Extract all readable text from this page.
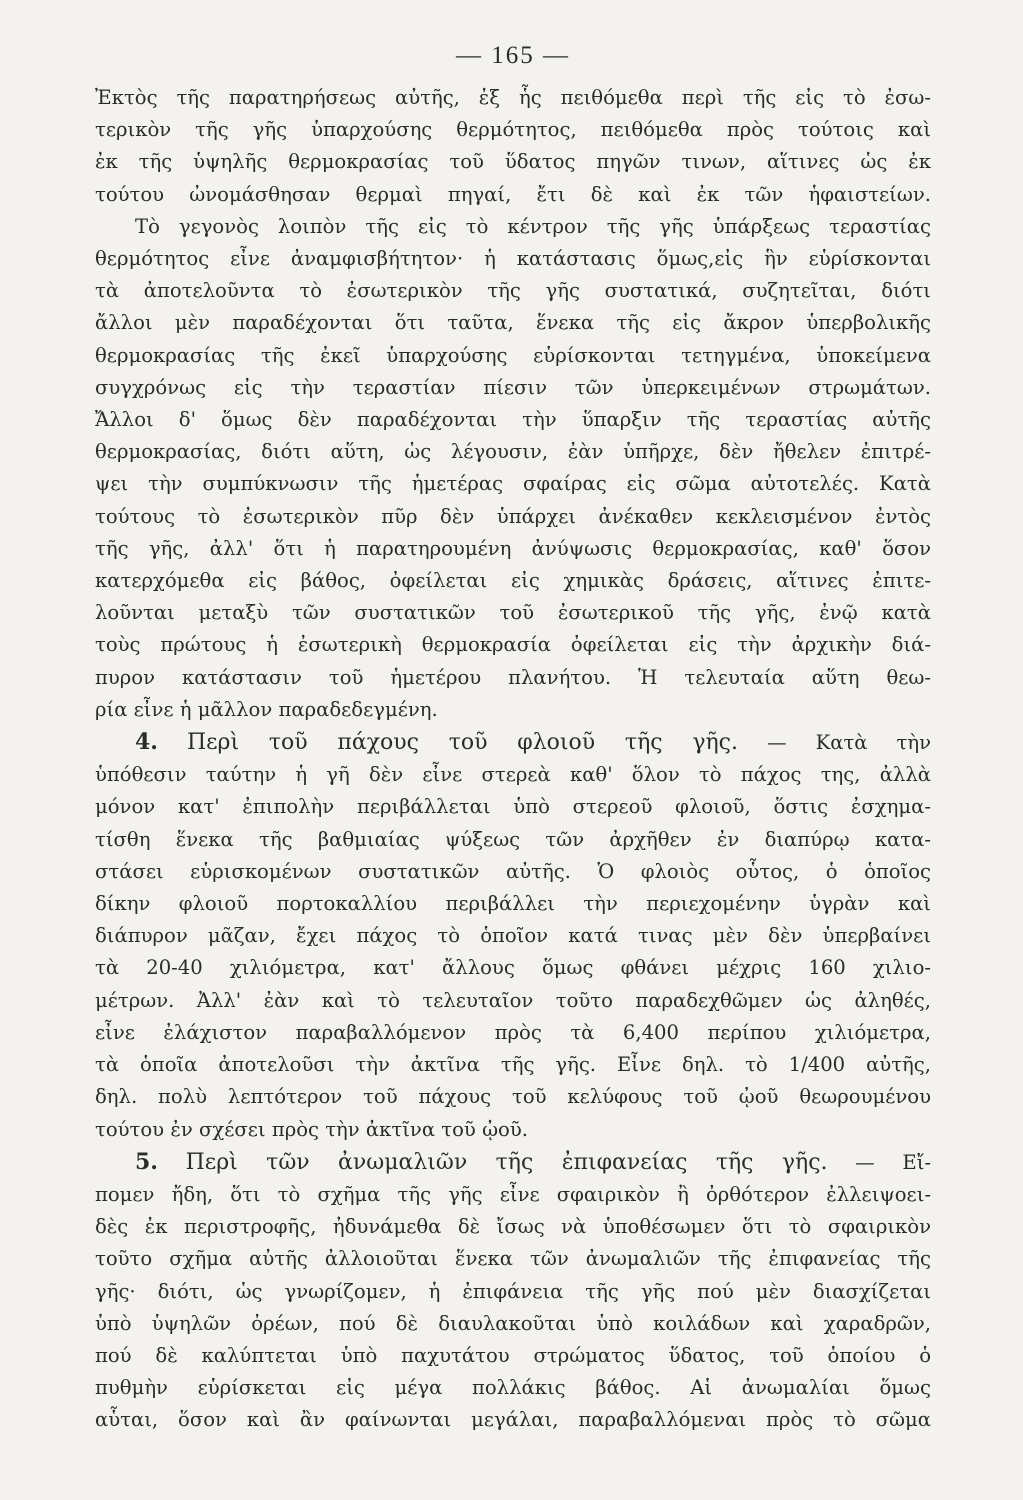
— 165 —
Ἐκτὸς τῆς παρατηρήσεως αὐτῆς, ἐξ ἧς πειθόμεθα περὶ τῆς εἰς τὸ ἐσω-
τερικὸν τῆς γῆς ὑπαρχούσης θερμότητος, πειθόμεθα πρὸς τούτοις καὶ
ἐκ τῆς ὑψηλῆς θερμοκρασίας τοῦ ὕδατος πηγῶν τινων, αἵτινες ὡς ἐκ
τούτου ὠνομάσθησαν θερμαὶ πηγαί, ἔτι δὲ καὶ ἐκ τῶν ἡφαιστείων.
Τὸ γεγονὸς λοιπὸν τῆς εἰς τὸ κέντρον τῆς γῆς ὑπάρξεως τεραστίας
θερμότητος εἶνε ἀναμφισβήτητον· ἡ κατάστασις ὅμως,εἰς ἣν εὑρίσκονται
τὰ ἀποτελοῦντα τὸ ἐσωτερικὸν τῆς γῆς συστατικά, συζητεῖται, διότι
ἄλλοι μὲν παραδέχονται ὅτι ταῦτα, ἕνεκα τῆς εἰς ἄκρον ὑπερβολικῆς
θερμοκρασίας τῆς ἐκεῖ ὑπαρχούσης εὑρίσκονται τετηγμένα, ὑποκείμενα
συγχρόνως εἰς τὴν τεραστίαν πίεσιν τῶν ὑπερκειμένων στρωμάτων.
Ἄλλοι δ' ὅμως δὲν παραδέχονται τὴν ὕπαρξιν τῆς τεραστίας αὐτῆς
θερμοκρασίας, διότι αὕτη, ὡς λέγουσιν, ἐὰν ὑπῆρχε, δὲν ἤθελεν ἐπιτρέ-
ψει τὴν συμπύκνωσιν τῆς ἡμετέρας σφαίρας εἰς σῶμα αὐτοτελές. Κατὰ
τούτους τὸ ἐσωτερικὸν πῦρ δὲν ὑπάρχει ἀνέκαθεν κεκλεισμένον ἐντὸς
τῆς γῆς, ἀλλ' ὅτι ἡ παρατηρουμένη ἀνύψωσις θερμοκρασίας, καθ' ὅσον
κατερχόμεθα εἰς βάθος, ὀφείλεται εἰς χημικὰς δράσεις, αἵτινες ἐπιτε-
λοῦνται μεταξὺ τῶν συστατικῶν τοῦ ἐσωτερικοῦ τῆς γῆς, ἐνῷ κατὰ
τοὺς πρώτους ἡ ἐσωτερικὴ θερμοκρασία ὀφείλεται εἰς τὴν ἀρχικὴν διά-
πυρον κατάστασιν τοῦ ἡμετέρου πλανήτου. Ἡ τελευταία αὕτη θεω-
ρία εἶνε ἡ μᾶλλον παραδεδεγμένη.
4. Περὶ τοῦ πάχους τοῦ φλοιοῦ τῆς γῆς. — Κατὰ τὴν
ὑπόθεσιν ταύτην ἡ γῆ δὲν εἶνε στερεὰ καθ' ὅλον τὸ πάχος της, ἀλλὰ
μόνον κατ' ἐπιπολὴν περιβάλλεται ὑπὸ στερεοῦ φλοιοῦ, ὅστις ἐσχημα-
τίσθη ἕνεκα τῆς βαθμιαίας ψύξεως τῶν ἀρχῆθεν ἐν διαπύρῳ κατα-
στάσει εὑρισκομένων συστατικῶν αὐτῆς. Ὁ φλοιὸς οὗτος, ὁ ὁποῖος
δίκην φλοιοῦ πορτοκαλλίου περιβάλλει τὴν περιεχομένην ὑγρὰν καὶ
διάπυρον μᾶζαν, ἔχει πάχος τὸ ὁποῖον κατά τινας μὲν δὲν ὑπερβαίνει
τὰ 20-40 χιλιόμετρα, κατ' ἄλλους ὅμως φθάνει μέχρις 160 χιλιο-
μέτρων. Ἀλλ' ἐὰν καὶ τὸ τελευταῖον τοῦτο παραδεχθῶμεν ὡς ἀληθές,
εἶνε ἐλάχιστον παραβαλλόμενον πρὸς τὰ 6,400 περίπου χιλιόμετρα,
τὰ ὁποῖα ἀποτελοῦσι τὴν ἀκτῖνα τῆς γῆς. Εἶνε δηλ. τὸ 1/400 αὐτῆς,
δηλ. πολὺ λεπτότερον τοῦ πάχους τοῦ κελύφους τοῦ ᾠοῦ θεωρουμένου
τούτου ἐν σχέσει πρὸς τὴν ἀκτῖνα τοῦ ᾠοῦ.
5. Περὶ τῶν ἀνωμαλιῶν τῆς ἐπιφανείας τῆς γῆς. — Εἴ-
πομεν ἤδη, ὅτι τὸ σχῆμα τῆς γῆς εἶνε σφαιρικὸν ἢ ὀρθότερον ἐλλειψοει-
δὲς ἐκ περιστροφῆς, ἠδυνάμεθα δὲ ἴσως νὰ ὑποθέσωμεν ὅτι τὸ σφαιρικὸν
τοῦτο σχῆμα αὐτῆς ἀλλοιοῦται ἕνεκα τῶν ἀνωμαλιῶν τῆς ἐπιφανείας τῆς
γῆς· διότι, ὡς γνωρίζομεν, ἡ ἐπιφάνεια τῆς γῆς πού μὲν διασχίζεται
ὑπὸ ὑψηλῶν ὀρέων, πού δὲ διαυλακοῦται ὑπὸ κοιλάδων καὶ χαραδρῶν,
πού δὲ καλύπτεται ὑπὸ παχυτάτου στρώματος ὕδατος, τοῦ ὁποίου ὁ
πυθμὴν εὑρίσκεται εἰς μέγα πολλάκις βάθος. Αἱ ἀνωμαλίαι ὅμως
αὗται, ὅσον καὶ ἂν φαίνωνται μεγάλαι, παραβαλλόμεναι πρὸς τὸ σῶμα
